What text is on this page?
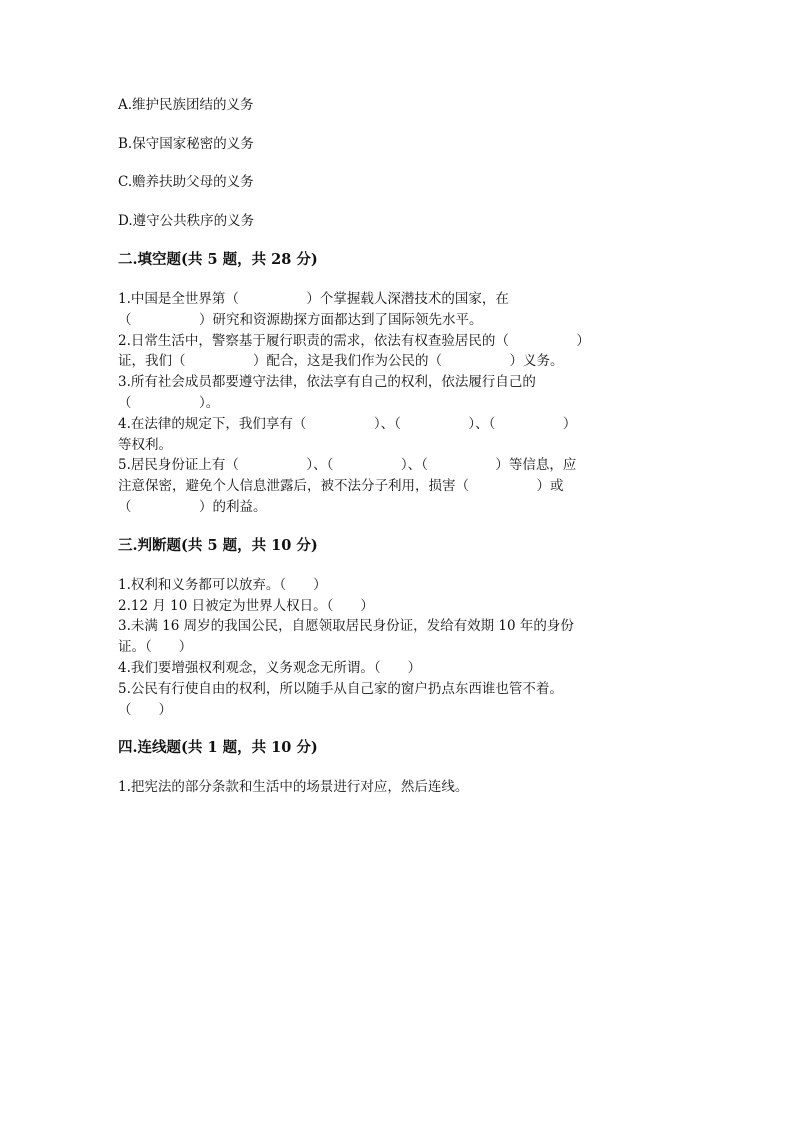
A.维护民族团结的义务
B.保守国家秘密的义务
C.赡养扶助父母的义务
D.遵守公共秩序的义务
二.填空题(共 5 题，共 28 分)

1.中国是全世界第（　　　　　）个掌握载人深潜技术的国家，在

（　　　　　）研究和资源勘探方面都达到了国际领先水平。

2.日常生活中，警察基于履行职责的需求，依法有权查验居民的（　　　　　）

证，我们（　　　　　）配合，这是我们作为公民的（　　　　　）义务。

3.所有社会成员都要遵守法律，依法享有自己的权利，依法履行自己的

（　　　　　）。

4.在法律的规定下，我们享有（　　　　　）、（　　　　　）、（　　　　　）

等权利。

5.居民身份证上有（　　　　　）、（　　　　　）、（　　　　　）等信息，应

注意保密，避免个人信息泄露后，被不法分子利用，损害（　　　　　）或

（　　　　　）的利益。

三.判断题(共 5 题，共 10 分)

1.权利和义务都可以放弃。（　　）

2.12 月 10 日被定为世界人权日。（　　）

3.未满 16 周岁的我国公民，自愿领取居民身份证，发给有效期 10 年的身份

证。（　　）

4.我们要增强权利观念，义务观念无所谓。（　　）

5.公民有行使自由的权利，所以随手从自己家的窗户扔点东西谁也管不着。

（　　）

四.连线题(共 1 题，共 10 分)

1.把宪法的部分条款和生活中的场景进行对应，然后连线。
